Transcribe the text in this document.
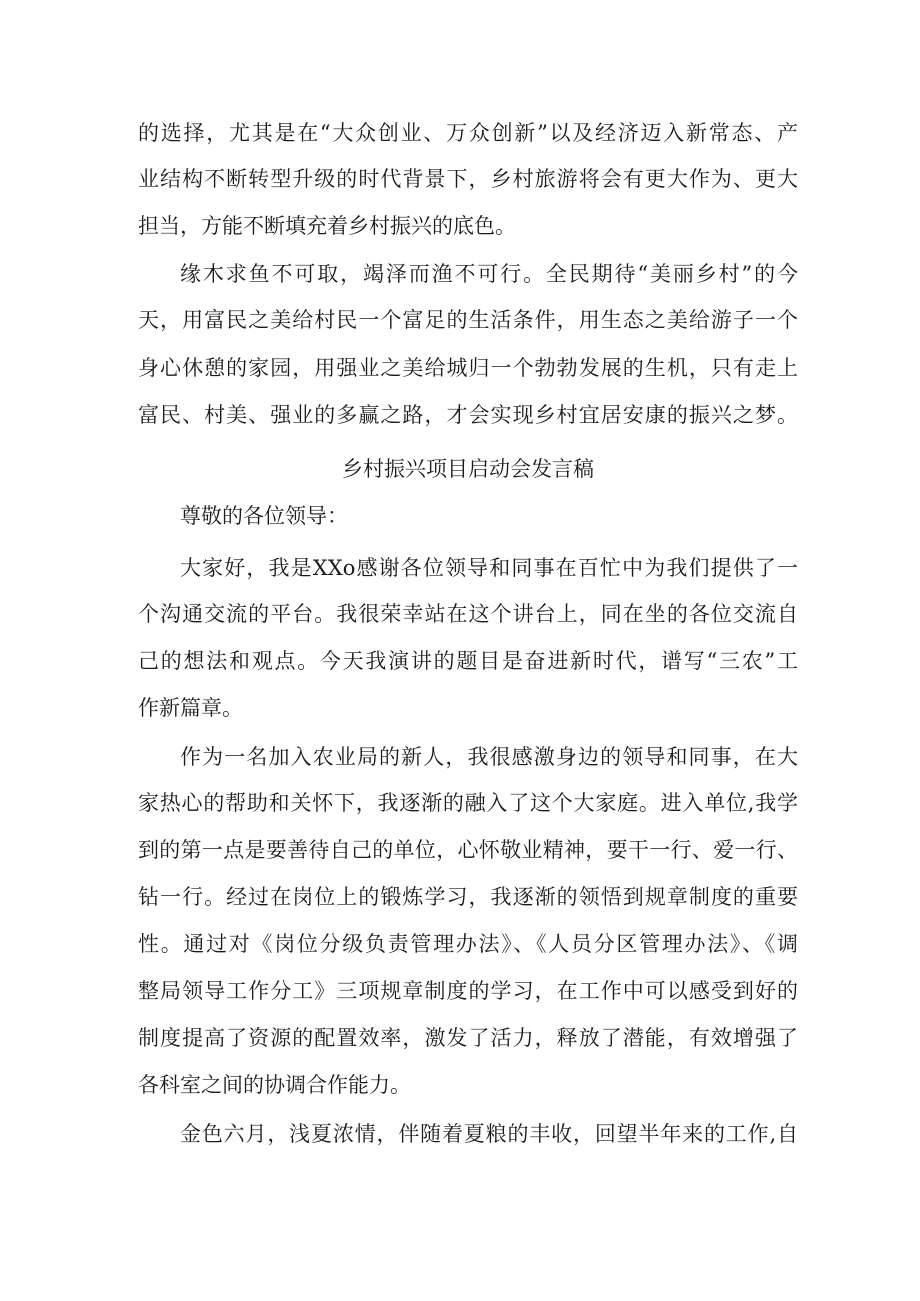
的选择，尤其是在“大众创业、万众创新”以及经济迈入新常态、产
业结构不断转型升级的时代背景下，乡村旅游将会有更大作为、更大
担当，方能不断填充着乡村振兴的底色。
缘木求鱼不可取，竭泽而渔不可行。全民期待“美丽乡村”的今
天，用富民之美给村民一个富足的生活条件，用生态之美给游子一个
身心休憩的家园，用强业之美给城归一个勃勃发展的生机，只有走上
富民、村美、强业的多赢之路，才会实现乡村宜居安康的振兴之梦。
乡村振兴项目启动会发言稿
尊敬的各位领导：
大家好，我是XXo感谢各位领导和同事在百忙中为我们提供了一
个沟通交流的平台。我很荣幸站在这个讲台上，同在坐的各位交流自
己的想法和观点。今天我演讲的题目是奋进新时代，谱写“三农”工
作新篇章。
作为一名加入农业局的新人，我很感激身边的领导和同事，在大
家热心的帮助和关怀下，我逐渐的融入了这个大家庭。进入单位,我学
到的第一点是要善待自己的单位，心怀敬业精神，要干一行、爱一行、
钻一行。经过在岗位上的锻炼学习，我逐渐的领悟到规章制度的重要
性。通过对《岗位分级负责管理办法》、《人员分区管理办法》、《调
整局领导工作分工》三项规章制度的学习，在工作中可以感受到好的
制度提高了资源的配置效率，激发了活力，释放了潜能，有效增强了
各科室之间的协调合作能力。
金色六月，浅夏浓情，伴随着夏粮的丰收，回望半年来的工作,自
